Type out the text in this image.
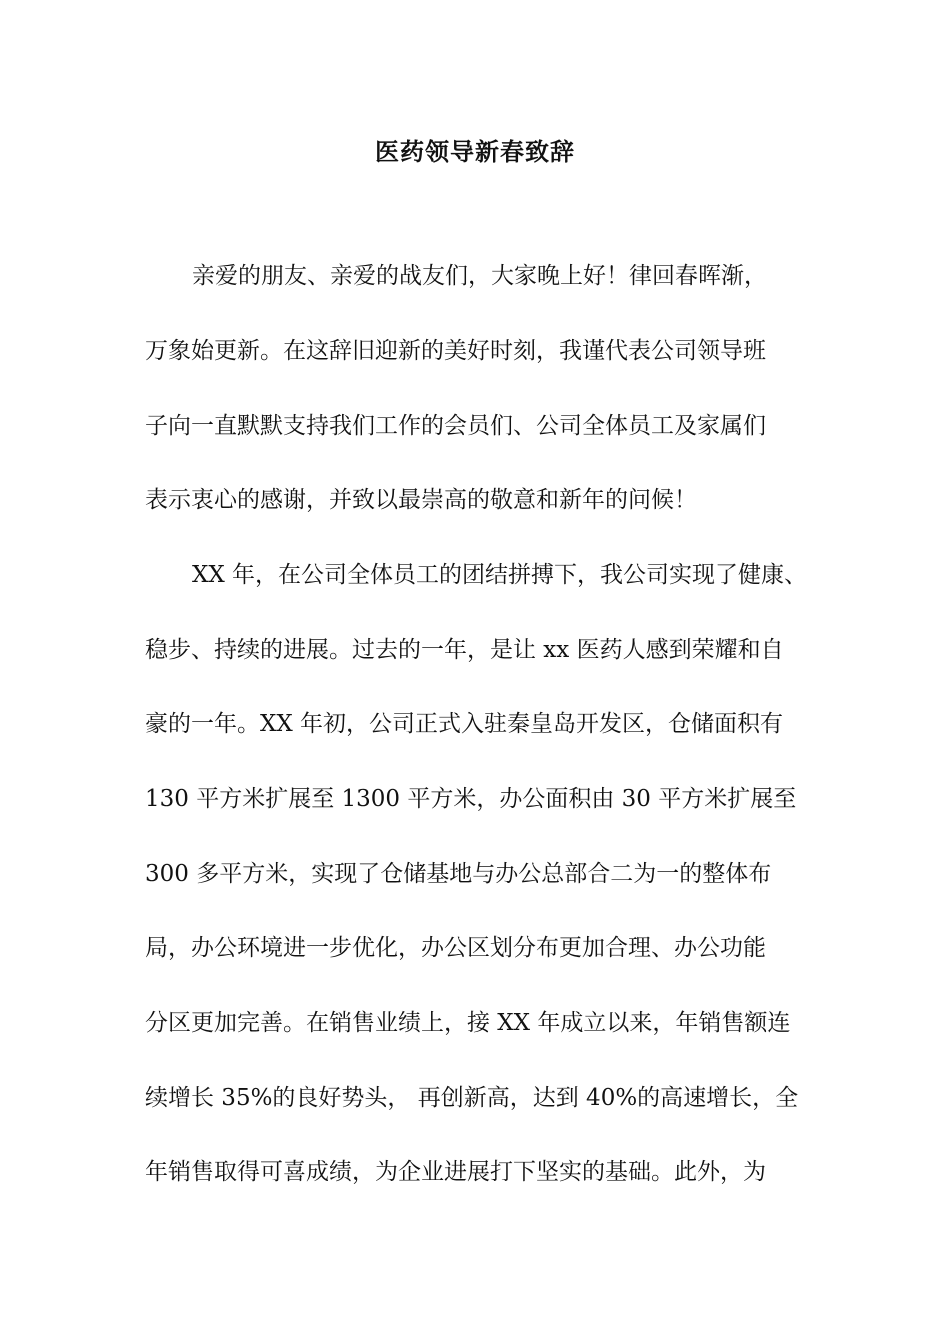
医药领导新春致辞
亲爱的朋友、亲爱的战友们，大家晚上好！律回春晖渐，
万象始更新。在这辞旧迎新的美好时刻，我谨代表公司领导班
子向一直默默支持我们工作的会员们、公司全体员工及家属们
表示衷心的感谢，并致以最崇高的敬意和新年的问候！
XX 年，在公司全体员工的团结拼搏下，我公司实现了健康、
稳步、持续的进展。过去的一年，是让 xx 医药人感到荣耀和自
豪的一年。XX 年初，公司正式入驻秦皇岛开发区，仓储面积有
130 平方米扩展至 1300 平方米，办公面积由 30 平方米扩展至
300 多平方米，实现了仓储基地与办公总部合二为一的整体布
局，办公环境进一步优化，办公区划分布更加合理、办公功能
分区更加完善。在销售业绩上，接 XX 年成立以来，年销售额连
续增长 35%的良好势头， 再创新高，达到 40%的高速增长，全
年销售取得可喜成绩，为企业进展打下坚实的基础。此外，为
